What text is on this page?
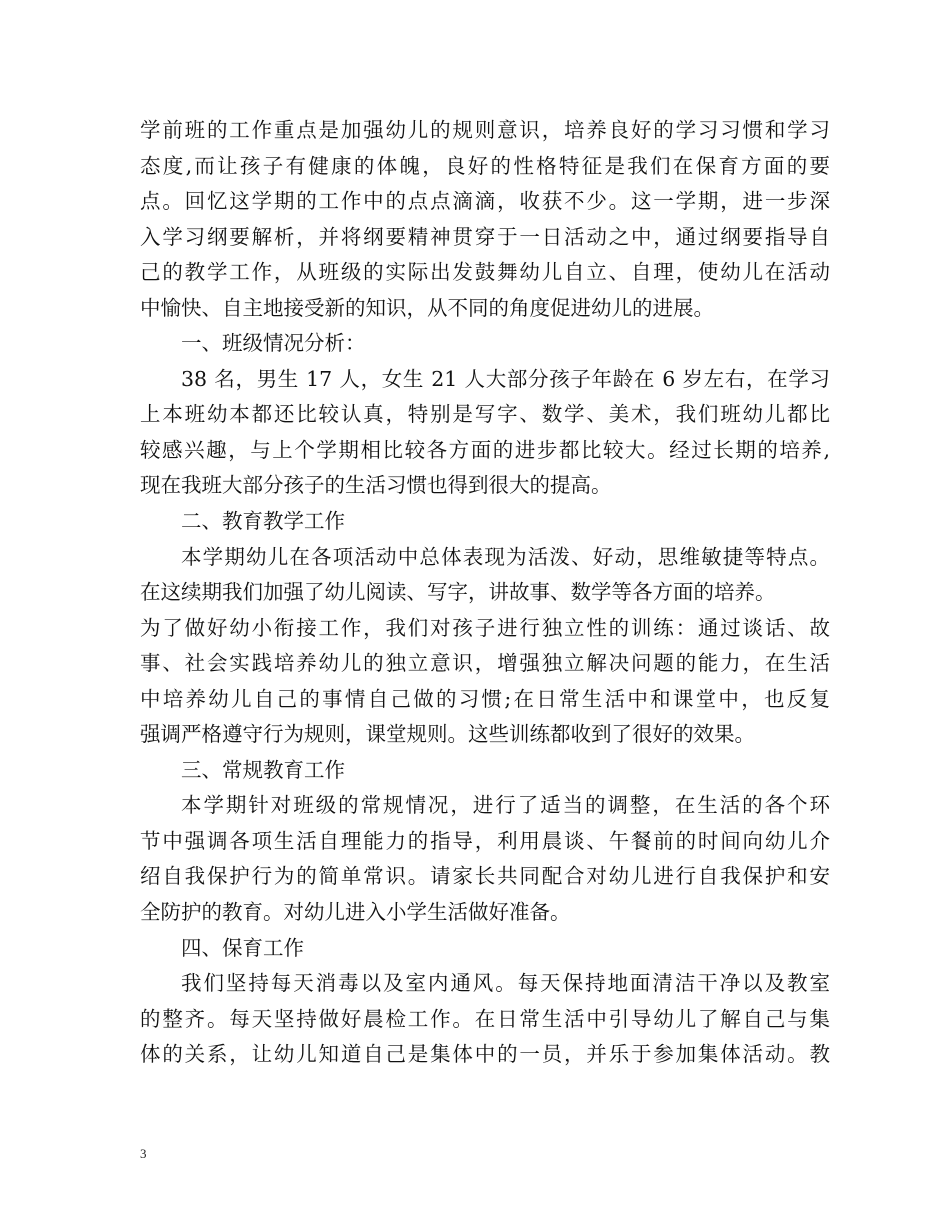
学前班的工作重点是加强幼儿的规则意识，培养良好的学习习惯和学习
态度,而让孩子有健康的体魄，良好的性格特征是我们在保育方面的要
点。回忆这学期的工作中的点点滴滴，收获不少。这一学期，进一步深
入学习纲要解析，并将纲要精神贯穿于一日活动之中，通过纲要指导自
己的教学工作，从班级的实际出发鼓舞幼儿自立、自理，使幼儿在活动
中愉快、自主地接受新的知识，从不同的角度促进幼儿的进展。
一、班级情况分析：
38 名，男生 17 人，女生 21 人大部分孩子年龄在 6 岁左右，在学习
上本班幼本都还比较认真，特别是写字、数学、美术，我们班幼儿都比
较感兴趣，与上个学期相比较各方面的进步都比较大。经过长期的培养,
现在我班大部分孩子的生活习惯也得到很大的提高。
二、教育教学工作
本学期幼儿在各项活动中总体表现为活泼、好动，思维敏捷等特点。
在这续期我们加强了幼儿阅读、写字，讲故事、数学等各方面的培养。
为了做好幼小衔接工作，我们对孩子进行独立性的训练：通过谈话、故
事、社会实践培养幼儿的独立意识，增强独立解决问题的能力，在生活
中培养幼儿自己的事情自己做的习惯;在日常生活中和课堂中，也反复
强调严格遵守行为规则，课堂规则。这些训练都收到了很好的效果。
三、常规教育工作
本学期针对班级的常规情况，进行了适当的调整，在生活的各个环
节中强调各项生活自理能力的指导，利用晨谈、午餐前的时间向幼儿介
绍自我保护行为的简单常识。请家长共同配合对幼儿进行自我保护和安
全防护的教育。对幼儿进入小学生活做好准备。
四、保育工作
我们坚持每天消毒以及室内通风。每天保持地面清洁干净以及教室
的整齐。每天坚持做好晨检工作。在日常生活中引导幼儿了解自己与集
体的关系，让幼儿知道自己是集体中的一员，并乐于参加集体活动。教
3
